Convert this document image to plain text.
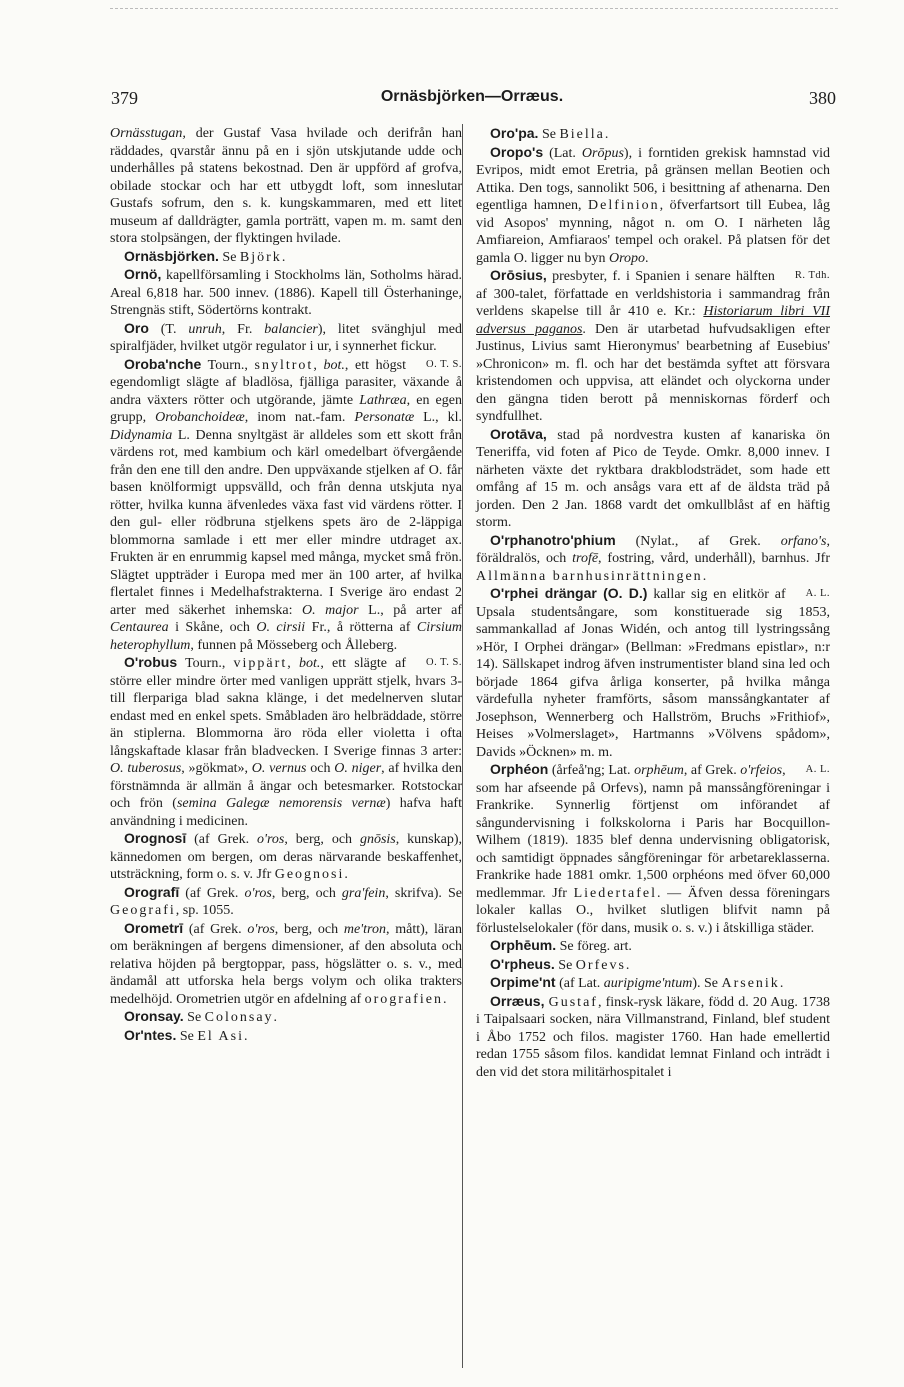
379	Ornäsbjörken—Orræus.	380

Ornässtugan, der Gustaf Vasa hvilade och derifrån han räddades, qvarstår ännu på en i sjön utskjutande udde och underhålles på statens bekostnad. Den är uppförd af grofva, obilade stockar och har ett utbygdt loft, som inneslutar Gustafs sofrum, den s. k. kungskammaren, med ett litet museum af dalldrägter, gamla porträtt, vapen m. m. samt den stora stolpsängen, der flyktingen hvilade.

Ornäsbjörken. Se Björk.

Ornö, kapellförsamling i Stockholms län, Sotholms härad. Areal 6,818 har. 500 innev. (1886). Kapell till Österhaninge, Strengnäs stift, Södertörns kontrakt.

Oro (T. unruh, Fr. balancier), litet svänghjul med spiralfjäder, hvilket utgör regulator i ur, i synnerhet fickur.

O. T. S.
Oroba'nche Tourn., snyltrot, bot., ett högst egendomligt slägte af bladlösa, fjälliga parasiter, växande å andra växters rötter och utgörande, jämte Lathræa, en egen grupp, Orobanchoideæ, inom nat.-fam. Personatæ L., kl. Didynamia L. Denna snyltgäst är alldeles som ett skott från värdens rot, med kambium och kärl omedelbart öfvergående från den ene till den andre. Den uppväxande stjelken af O. får basen knölformigt uppsvälld, och från denna utskjuta nya rötter, hvilka kunna äfvenledes växa fast vid värdens rötter. I den gul- eller rödbruna stjelkens spets äro de 2-läppiga blommorna samlade i ett mer eller mindre utdraget ax. Frukten är en enrummig kapsel med många, mycket små frön. Slägtet uppträder i Europa med mer än 100 arter, af hvilka flertalet finnes i Medelhafstrakterna. I Sverige äro endast 2 arter med säkerhet inhemska: O. major L., på arter af Centaurea i Skåne, och O. cirsii Fr., å rötterna af Cirsium heterophyllum, funnen på Mösseberg och Ålleberg.

O. T. S.
O'robus Tourn., vippärt, bot., ett slägte af större eller mindre örter med vanligen upprätt stjelk, hvars 3- till flerpariga blad sakna klänge, i det medelnerven slutar endast med en enkel spets. Småbladen äro helbräddade, större än stiplerna. Blommorna äro röda eller violetta i ofta långskaftade klasar från bladvecken. I Sverige finnas 3 arter: O. tuberosus, »gökmat», O. vernus och O. niger, af hvilka den förstnämnda är allmän å ängar och betesmarker. Rotstockar och frön (semina Galegæ nemorensis vernæ) hafva haft användning i medicinen.

Orognosī (af Grek. o'ros, berg, och gnōsis, kunskap), kännedomen om bergen, om deras närvarande beskaffenhet, utsträckning, form o. s. v. Jfr Geognosi.

Orografī (af Grek. o'ros, berg, och gra'fein, skrifva). Se Geografi, sp. 1055.

Orometrī (af Grek. o'ros, berg, och me'tron, mått), läran om beräkningen af bergens dimensioner, af den absoluta och relativa höjden på bergtoppar, pass, högslätter o. s. v., med ändamål att utforska hela bergs volym och olika trakters medelhöjd. Orometrien utgör en afdelning af orografien.

Oronsay. Se Colonsay.

Or'ntes. Se El Asi.

Oro'pa. Se Biella.

Oropo's (Lat. Orōpus), i forntiden grekisk hamnstad vid Evripos, midt emot Eretria, på gränsen mellan Beotien och Attika. Den togs, sannolikt 506, i besittning af athenarna. Den egentliga hamnen, Delfinion, öfverfartsort till Eubea, låg vid Asopos' mynning, något n. om O. I närheten låg Amfiareion, Amfiaraos' tempel och orakel. På platsen för det gamla O. ligger nu byn Oropo.

R. Tdh.
Orōsius, presbyter, f. i Spanien i senare hälften af 300-talet, författade en verldshistoria i sammandrag från verldens skapelse till år 410 e. Kr.: Historiarum libri VII adversus paganos. Den är utarbetad hufvudsakligen efter Justinus, Livius samt Hieronymus' bearbetning af Eusebius' »Chronicon» m. fl. och har det bestämda syftet att försvara kristendomen och uppvisa, att eländet och olyckorna under den gängna tiden berott på menniskornas förderf och syndfullhet.

Orotāva, stad på nordvestra kusten af kanariska ön Teneriffa, vid foten af Pico de Teyde. Omkr. 8,000 innev. I närheten växte det ryktbara drakblodsträdet, som hade ett omfång af 15 m. och ansågs vara ett af de äldsta träd på jorden. Den 2 Jan. 1868 vardt det omkullblåst af en häftig storm.

O'rphanotro'phium (Nylat., af Grek. orfano's, föräldralös, och trofē, fostring, vård, underhåll), barnhus. Jfr Allmänna barnhusinrättningen.

A. L.
O'rphei drängar (O. D.) kallar sig en elitkör af Upsala studentsångare, som konstituerade sig 1853, sammankallad af Jonas Widén, och antog till lystringssång »Hör, I Orphei drängar» (Bellman: »Fredmans epistlar», n:r 14). Sällskapet indrog äfven instrumentister bland sina led och började 1864 gifva årliga konserter, på hvilka många värdefulla nyheter framförts, såsom manssångkantater af Josephson, Wennerberg och Hallström, Bruchs »Frithiof», Heises »Volmerslaget», Hartmanns »Völvens spådom», Davids »Öcknen» m. m.

A. L.
Orphéon (årfeå'ng; Lat. orphēum, af Grek. o'rfeios, som har afseende på Orfevs), namn på manssångföreningar i Frankrike. Synnerlig förtjenst om införandet af sångundervisning i folkskolorna i Paris har Bocquillon-Wilhem (1819). 1835 blef denna undervisning obligatorisk, och samtidigt öppnades sångföreningar för arbetareklasserna. Frankrike hade 1881 omkr. 1,500 orphéons med öfver 60,000 medlemmar. Jfr Liedertafel. — Äfven dessa föreningars lokaler kallas O., hvilket slutligen blifvit namn på förlustelselokaler (för dans, musik o. s. v.) i åtskilliga städer.

Orphēum. Se föreg. art.

O'rpheus. Se Orfevs.

Orpime'nt (af Lat. auripigme'ntum). Se Arsenik.

Orræus, Gustaf, finsk-rysk läkare, född d. 20 Aug. 1738 i Taipalsaari socken, nära Villmanstrand, Finland, blef student i Åbo 1752 och filos. magister 1760. Han hade emellertid redan 1755 såsom filos. kandidat lemnat Finland och inträdt i den vid det stora militärhospitalet i
